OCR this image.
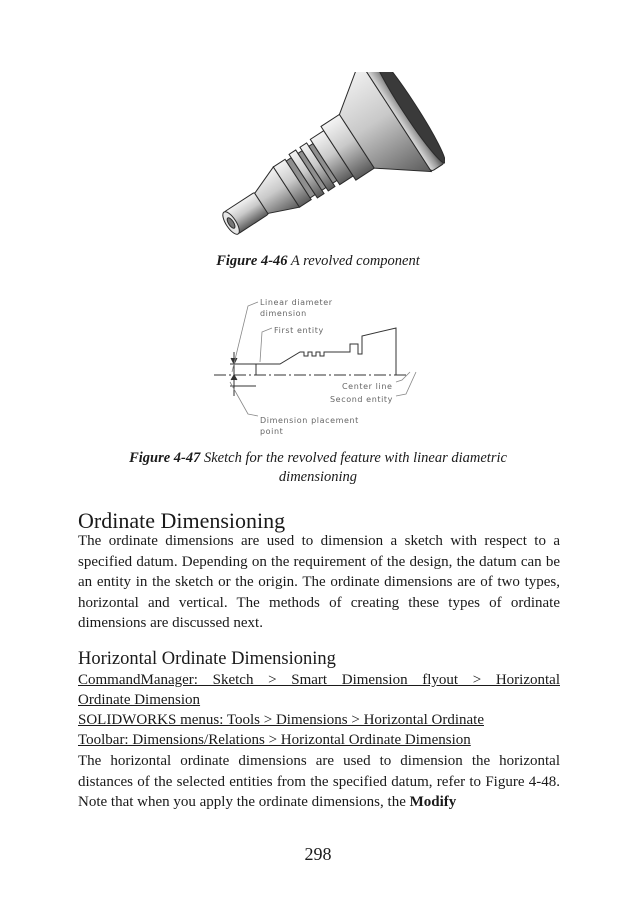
Figure 4-46 A revolved component
Linear diameter
dimension
First entity
Center line
Second entity
Dimension placement
point
Figure 4-47 Sketch for the revolved feature with linear diametric
dimensioning
Ordinate Dimensioning

The ordinate dimensions are used to dimension a sketch with respect to a specified datum. Depending on the requirement of the design, the datum can be an entity in the sketch or the origin. The ordinate dimensions are of two types, horizontal and vertical. The methods of creating these types of ordinate dimensions are discussed next.

Horizontal Ordinate Dimensioning
CommandManager: Sketch > Smart Dimension flyout > Horizontal
Ordinate Dimension
SOLIDWORKS menus: Tools > Dimensions > Horizontal Ordinate
Toolbar: Dimensions/Relations > Horizontal Ordinate Dimension

The horizontal ordinate dimensions are used to dimension the horizontal distances of the selected entities from the specified datum, refer to Figure 4-48.

Note that when you apply the ordinate dimensions, the Modify

298
